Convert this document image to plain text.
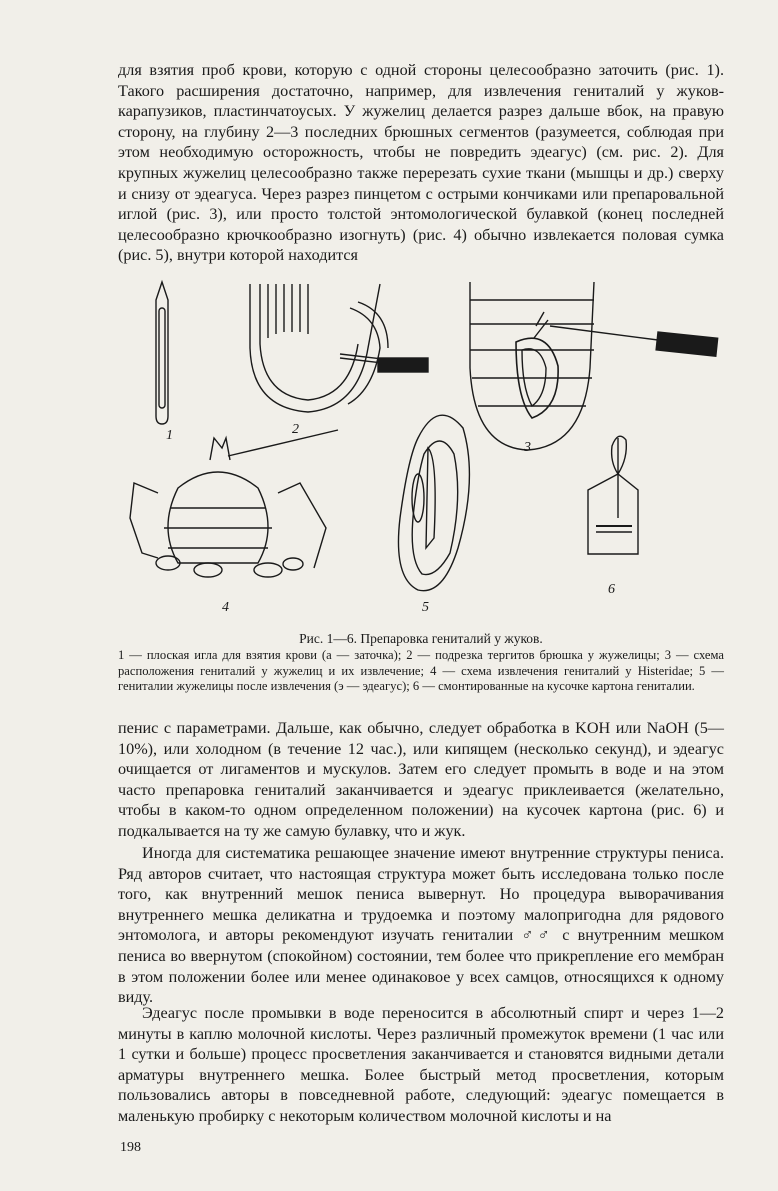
для взятия проб крови, которую с одной стороны целесообразно заточить (рис. 1). Такого расширения достаточно, например, для извлечения гениталий у жуков-карапузиков, пластинчатоусых. У жужелиц делается разрез дальше вбок, на правую сторону, на глубину 2—3 последних брюшных сегментов (разумеется, соблюдая при этом необходимую осторожность, чтобы не повредить эдеагус) (см. рис. 2). Для крупных жужелиц целесообразно также перерезать сухие ткани (мышцы и др.) сверху и снизу от эдеагуса. Через разрез пинцетом с острыми кончиками или препаровальной иглой (рис. 3), или просто толстой энтомологической булавкой (конец последней целесообразно крючкообразно изогнуть) (рис. 4) обычно извлекается половая сумка (рис. 5), внутри которой находится

1	2
3
4	5
6

Рис. 1—6. Препаровка гениталий у жуков.

1 — плоская игла для взятия крови (а — заточка); 2 — подрезка тергитов брюшка у жужелицы; 3 — схема расположения гениталий у жужелиц и их извлечение; 4 — схема извлечения гениталий у Histeridae; 5 — гениталии жужелицы после извлечения (э — эдеагус); 6 — смонтированные на кусочке картона гениталии.

пенис с параметрами. Дальше, как обычно, следует обработка в KOH или NaOH (5—10%), или холодном (в течение 12 час.), или кипящем (несколько секунд), и эдеагус очищается от лигаментов и мускулов. Затем его следует промыть в воде и на этом часто препаровка гениталий заканчивается и эдеагус приклеивается (желательно, чтобы в каком-то одном определенном положении) на кусочек картона (рис. 6) и подкалывается на ту же самую булавку, что и жук.

Иногда для систематика решающее значение имеют внутренние структуры пениса. Ряд авторов считает, что настоящая структура может быть исследована только после того, как внутренний мешок пениса вывернут. Но процедура выворачивания внутреннего мешка деликатна и трудоемка и поэтому малопригодна для рядового энтомолога, и авторы рекомендуют изучать гениталии ♂♂ с внутренним мешком пениса во ввернутом (спокойном) состоянии, тем более что прикрепление его мембран в этом положении более или менее одинаковое у всех самцов, относящихся к одному виду.

Эдеагус после промывки в воде переносится в абсолютный спирт и через 1—2 минуты в каплю молочной кислоты. Через различный промежуток времени (1 час или 1 сутки и больше) процесс просветления заканчивается и становятся видными детали арматуры внутреннего мешка. Более быстрый метод просветления, которым пользовались авторы в повседневной работе, следующий: эдеагус помещается в маленькую пробирку с некоторым количеством молочной кислоты и на

198
